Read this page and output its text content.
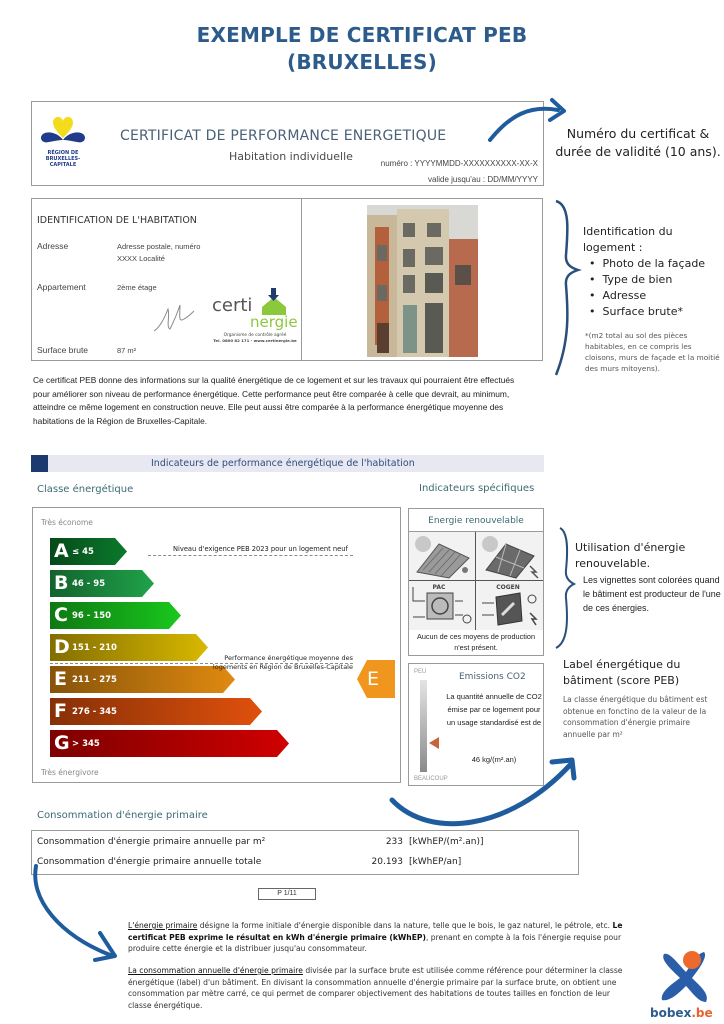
EXEMPLE DE CERTIFICAT PEB
(BRUXELLES)
RÉGION DE
BRUXELLES-
CAPITALE
CERTIFICAT DE PERFORMANCE ENERGETIQUE
Habitation individuelle
numéro : YYYYMMDD-XXXXXXXXXX-XX-X
valide jusqu'au : DD/MM/YYYY
IDENTIFICATION DE L'HABITATION
Adresse	Adresse postale, numéro
XXXX Localité
Appartement	2ème étage
Surface brute	87 m²
certi
nergie
Organisme de contrôle agréé
Tel. 0800 82 171 - www.certinergie.be
Numéro du certificat & durée de validité (10 ans).
Identification du logement :
• Photo de la façade
• Type de bien
• Adresse
• Surface brute*
*(m2 total au sol des pièces habitables, en ce compris les cloisons, murs de façade et la moitié des murs mitoyens).
Utilisation d'énergie renouvelable.
Les vignettes sont colorées quand le bâtiment est producteur de l'une de ces énergies.
Label énergétique du bâtiment (score PEB)
La classe énergétique du bâtiment est obtenue en fonctino de la valeur de la consommation d'énergie primaire annuelle par m²
Ce certificat PEB donne des informations sur la qualité énergétique de ce logement et sur les travaux qui pourraient être effectués pour améliorer son niveau de performance énergétique. Cette performance peut être comparée à celle que devrait, au minimum, atteindre ce même logement en construction neuve. Elle peut aussi être comparée à la performance énergétique moyenne des habitations de la Région de Bruxelles-Capitale.
Indicateurs de performance énergétique de l'habitation
Classe énergétique	Indicateurs spécifiques
Très économe
A ≤ 45
B 46 - 95
C 96 - 150
D 151 - 210
E 211 - 275
F 276 - 345
G > 345
Niveau d'exigence PEB 2023 pour un logement neuf
Performance énergétique moyenne des logements en Région de Bruxelles-Capitale
E
Très énergivore
Energie renouvelable
PAC	COGEN
Aucun de ces moyens de production n'est présent.
PEU	Emissions CO2
La quantité annuelle de CO2 émise par ce logement pour un usage standardisé est de
46 kg/(m².an)
BEAUCOUP
Consommation d'énergie primaire
Consommation d'énergie primaire annuelle par m²	233 [kWhEP/(m².an)]
Consommation d'énergie primaire annuelle totale	20.193 [kWhEP/an]
P 1/11
L'énergie primaire désigne la forme initiale d'énergie disponible dans la nature, telle que le bois, le gaz naturel, le pétrole, etc. Le certificat PEB exprime le résultat en kWh d'énergie primaire (kWhEP), prenant en compte à la fois l'énergie requise pour produire cette énergie et la distribuer jusqu'au consommateur.
La consommation annuelle d'énergie primaire divisée par la surface brute est utilisée comme référence pour déterminer la classe énergétique (label) d'un bâtiment. En divisant la consommation annuelle d'énergie primaire par la surface brute, on obtient une consommation par mètre carré, ce qui permet de comparer objectivement des habitations de toutes tailles en fonction de leur classe énergétique.
bobex.be
